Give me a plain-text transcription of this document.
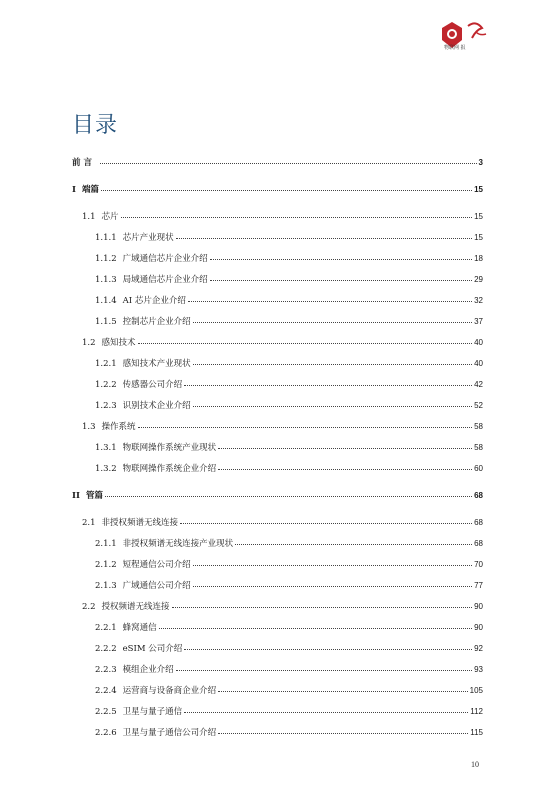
物联网 报
目录
前 言	3
I 端篇	15
1.1 芯片	15
1.1.1 芯片产业现状	15
1.1.2 广域通信芯片企业介绍	18
1.1.3 局域通信芯片企业介绍	29
1.1.4 AI 芯片企业介绍	32
1.1.5 控制芯片企业介绍	37
1.2 感知技术	40
1.2.1 感知技术产业现状	40
1.2.2 传感器公司介绍	42
1.2.3 识别技术企业介绍	52
1.3 操作系统	58
1.3.1 物联网操作系统产业现状	58
1.3.2 物联网操作系统企业介绍	60
II 管篇	68
2.1 非授权频谱无线连接	68
2.1.1 非授权频谱无线连接产业现状	68
2.1.2 短程通信公司介绍	70
2.1.3 广域通信公司介绍	77
2.2 授权频谱无线连接	90
2.2.1 蜂窝通信	90
2.2.2 eSIM 公司介绍	92
2.2.3 模组企业介绍	93
2.2.4 运营商与设备商企业介绍	105
2.2.5 卫星与量子通信	112
2.2.6 卫星与量子通信公司介绍	115
10
